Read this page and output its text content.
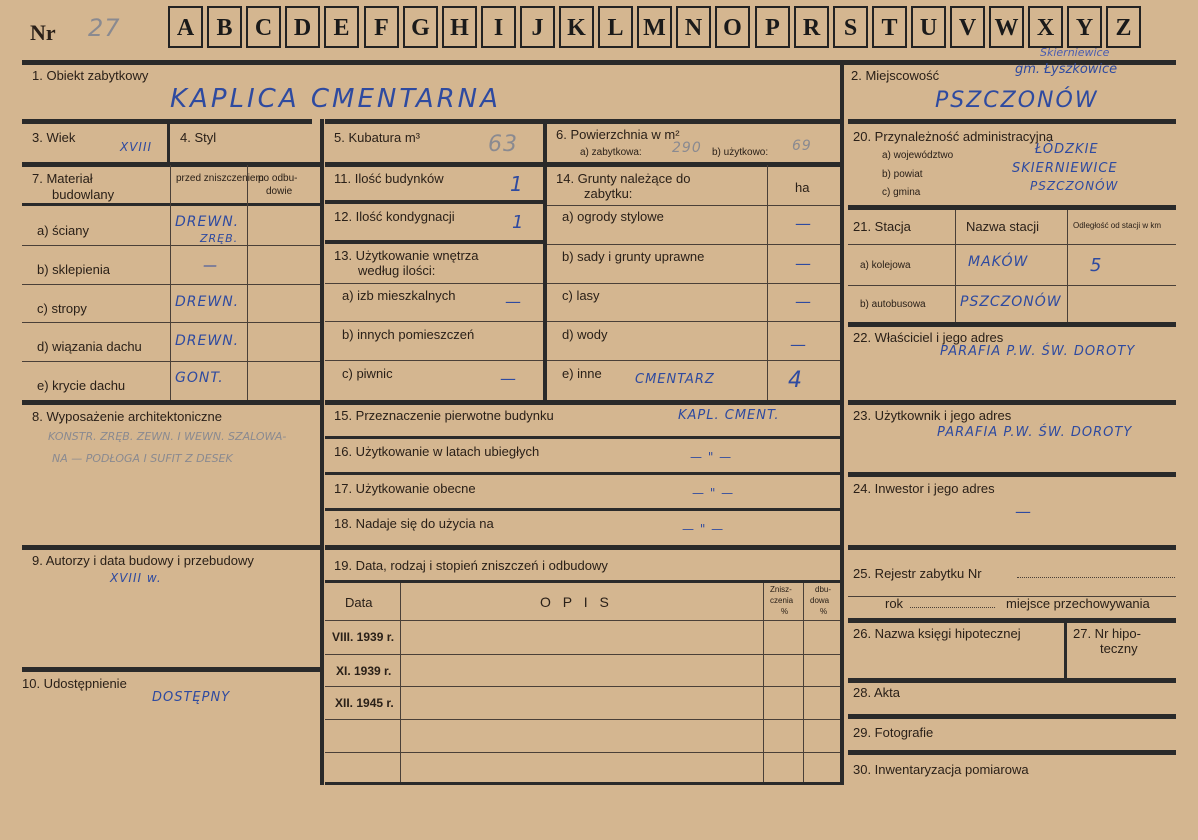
Nr 27	A B C D E	F G H	I	J K L M N O P R S	T U V W X Y Z
Skierniewice
1. Obiekt zabytkowy
KAPLICA CMENTARNA
2. Miejscowość	gm. Łyszkowice
PSZCZONÓW
3. Wiek
XVIII
4. Styl	5. Kubatura m³	63	6. Powierzchnia w m²
a) zabytkowa: 290 b) użytkowo: 69
20. Przynależność administracyjna
a) województwo	ŁÓDZKIE
b) powiat	SKIERNIEWICE
c) gmina	PSZCZONÓW
7. Materiał
budowlany
przed zniszczeniem
po odbu-
dowie
a) ściany
DREWN.
ZRĘB.
b) sklepienia	—
c) stropy	DREWN.
d) wiązania dachu DREWN.
e) krycie dachu	GONT.
11. Ilość budynków	1
12. Ilość kondygnacji	1
13. Użytkowanie wnętrza
według ilości:
a) izb mieszkalnych	—
b) innych pomieszczeń
c) piwnic	—
14. Grunty należące do
zabytku:	ha
a) ogrody stylowe	—
b) sady i grunty uprawne	—
c) lasy	—
d) wody
—
e) inne	CMENTARZ	4
21. Stacja	Nazwa stacji	Odległość od stacji w km
a) kolejowa	MAKÓW	5
b) autobusowa PSZCZONÓW
22. Właściciel i jego adres
PARAFIA P.W. ŚW. DOROTY
8. Wyposażenie architektoniczne
KONSTR. ZRĘB. ZEWN. I WEWN. SZALOWA-
NA — PODŁOGA I SUFIT Z DESEK
15. Przeznaczenie pierwotne budynku	KAPL. CMENT.
16. Użytkowanie w latach ubiegłych	— " —
17. Użytkowanie obecne	— " —
18. Nadaje się do użycia na	— " —
23. Użytkownik i jego adres
PARAFIA P.W. ŚW. DOROTY
24. Inwestor i jego adres
—
9. Autorzy i data budowy i przebudowy
XVIII w.
19. Data, rodzaj i stopień zniszczeń i odbudowy
Data	O P I S
Znisz-
czenia
%
dbu-
dowa
%
VIII. 1939 r.
XI. 1939 r.
XII. 1945 r.
25. Rejestr zabytku Nr
rok	miejsce przechowywania
26. Nazwa księgi hipotecznej	27. Nr hipo-
teczny
10. Udostępnienie
DOSTĘPNY	28. Akta
29. Fotografie
30. Inwentaryzacja pomiarowa
